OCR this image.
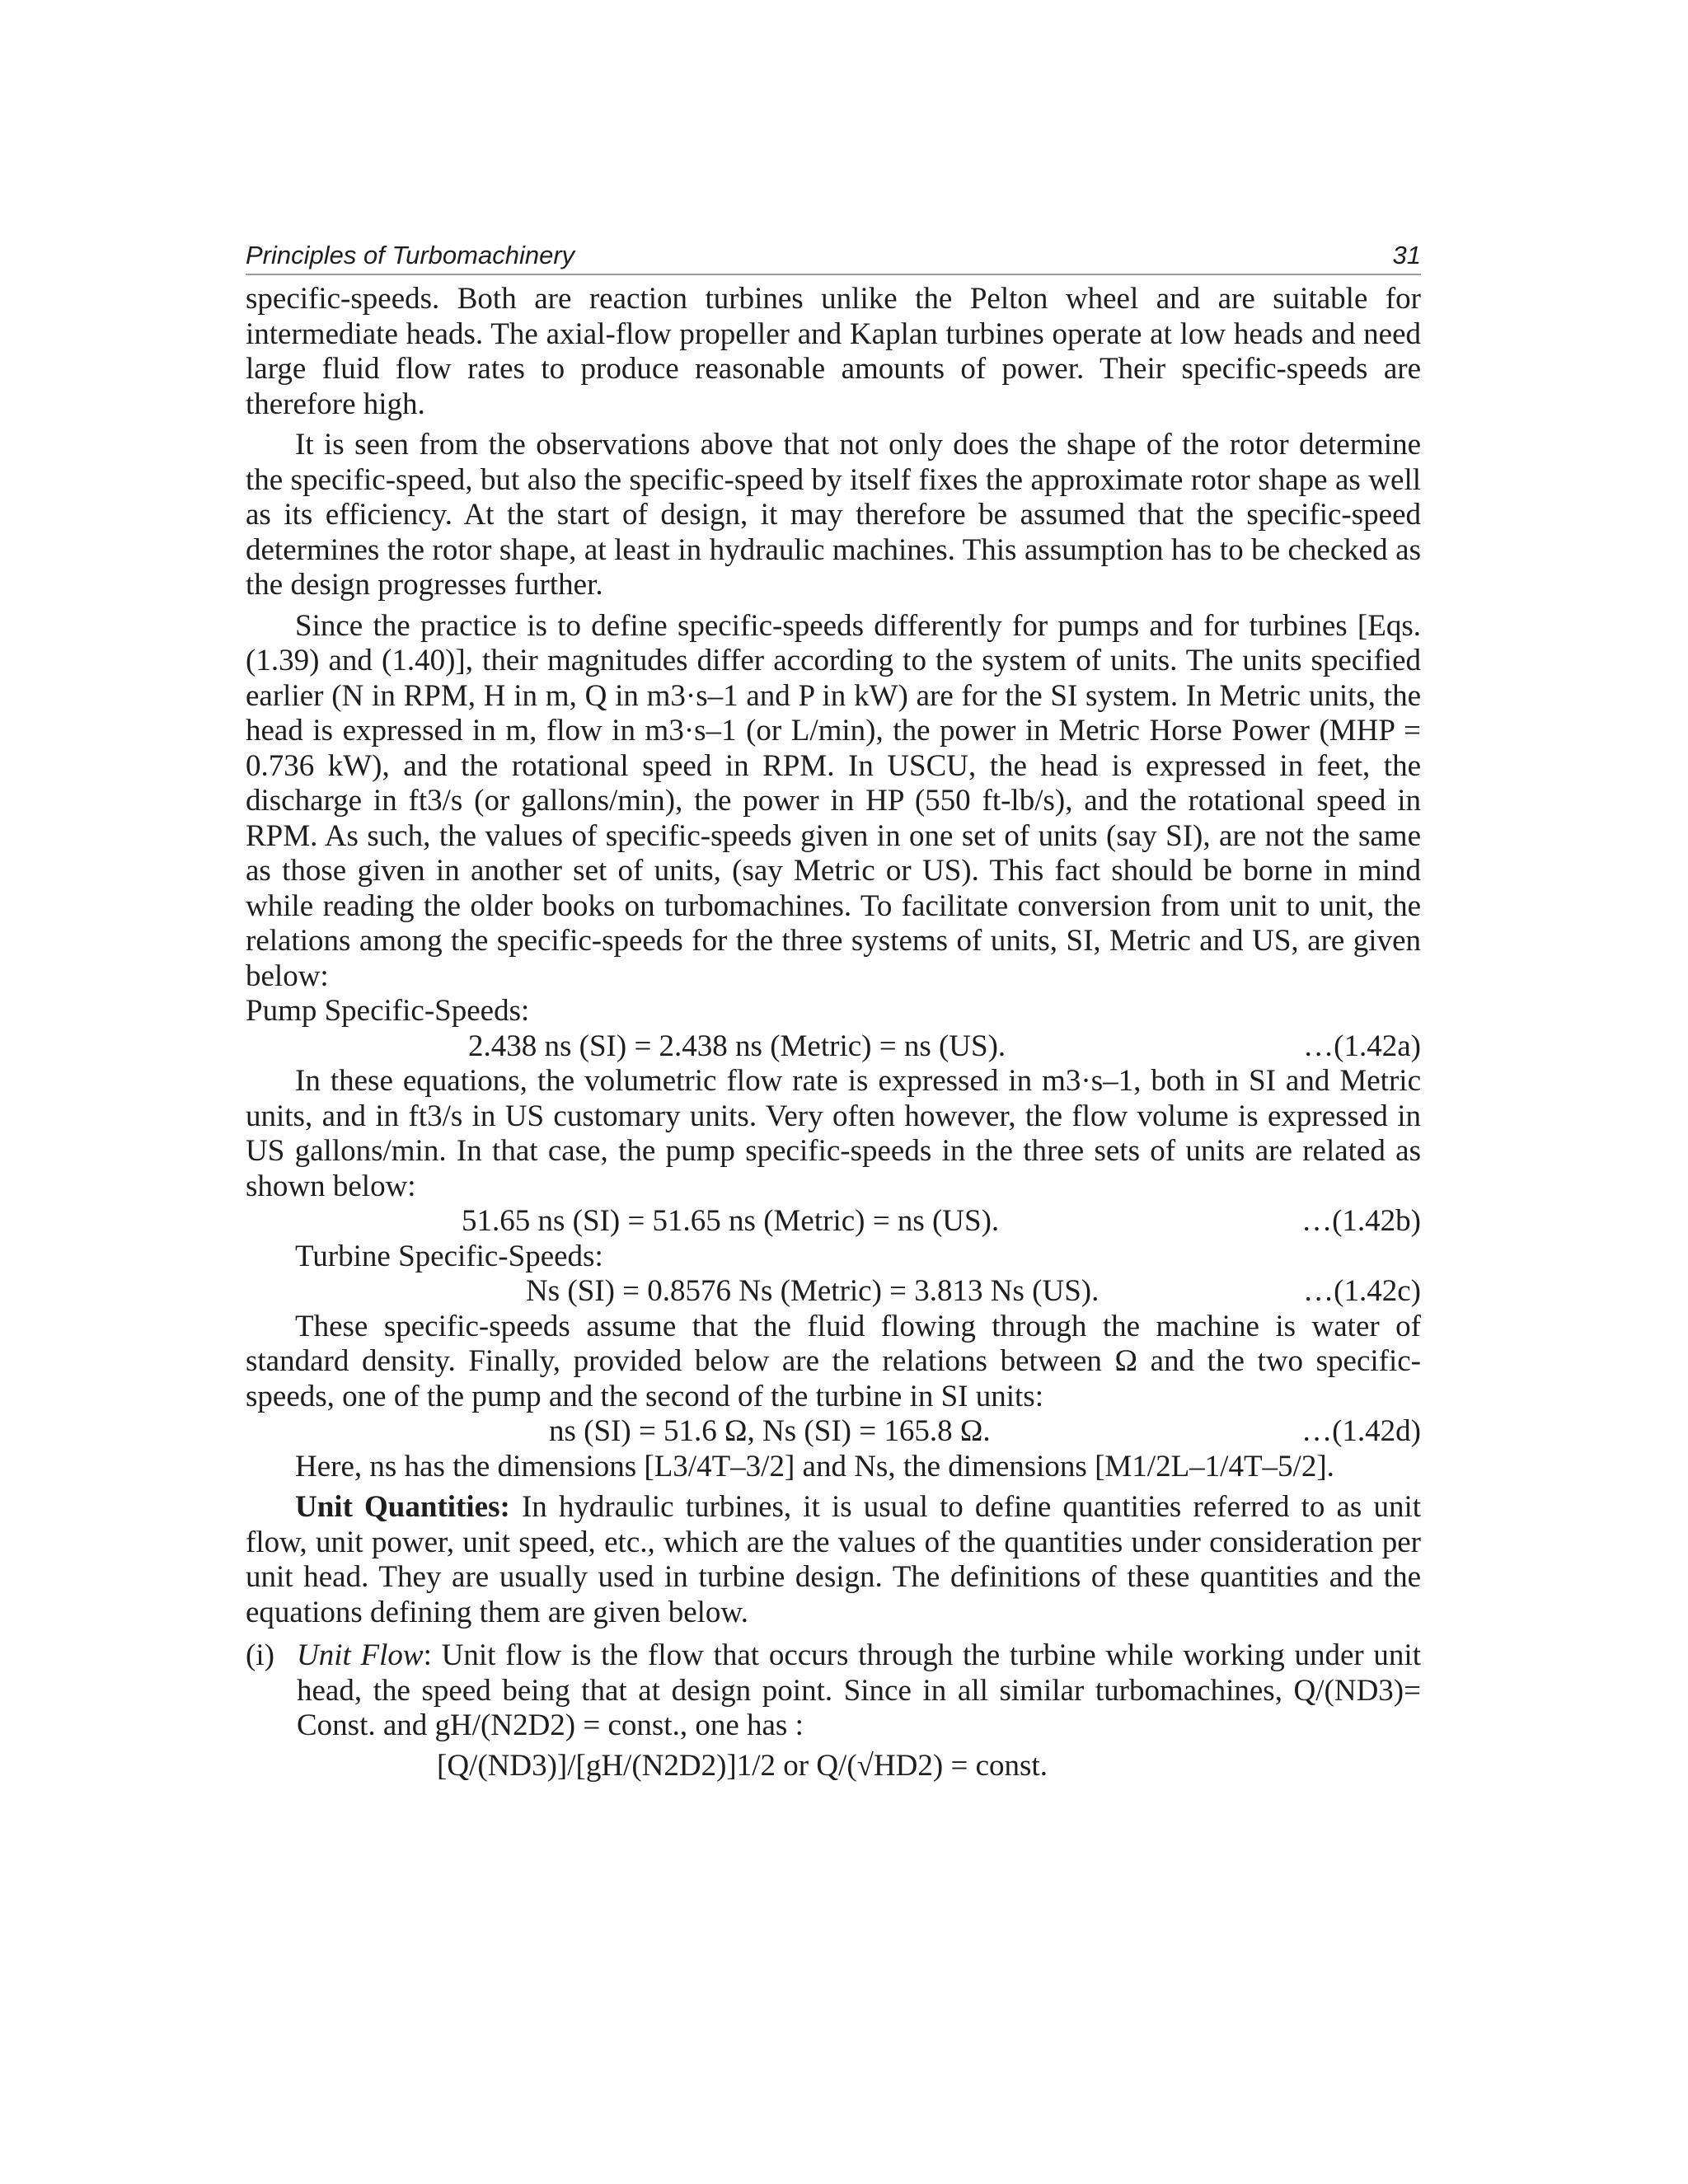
Principles of Turbomachinery	31

specific-speeds. Both are reaction turbines unlike the Pelton wheel and are suitable for intermediate heads. The axial-flow propeller and Kaplan turbines operate at low heads and need large fluid flow rates to produce reasonable amounts of power. Their specific-speeds are therefore high.

It is seen from the observations above that not only does the shape of the rotor determine the specific-speed, but also the specific-speed by itself fixes the approximate rotor shape as well as its efficiency. At the start of design, it may therefore be assumed that the specific-speed determines the rotor shape, at least in hydraulic machines. This assumption has to be checked as the design progresses further.

Since the practice is to define specific-speeds differently for pumps and for turbines [Eqs. (1.39) and (1.40)], their magnitudes differ according to the system of units. The units specified earlier (N in RPM, H in m, Q in m3·s–1 and P in kW) are for the SI system. In Metric units, the head is expressed in m, flow in m3·s–1 (or L/min), the power in Metric Horse Power (MHP = 0.736 kW), and the rotational speed in RPM. In USCU, the head is expressed in feet, the discharge in ft3/s (or gallons/min), the power in HP (550 ft-lb/s), and the rotational speed in RPM. As such, the values of specific-speeds given in one set of units (say SI), are not the same as those given in another set of units, (say Metric or US). This fact should be borne in mind while reading the older books on turbomachines. To facilitate conversion from unit to unit, the relations among the specific-speeds for the three systems of units, SI, Metric and US, are given below:

Pump Specific-Speeds:

2.438 ns (SI) = 2.438 ns (Metric) = ns (US).	…(1.42a)

In these equations, the volumetric flow rate is expressed in m3·s–1, both in SI and Metric units, and in ft3/s in US customary units. Very often however, the flow volume is expressed in US gallons/min. In that case, the pump specific-speeds in the three sets of units are related as shown below:

51.65 ns (SI) = 51.65 ns (Metric) = ns (US).	…(1.42b)

Turbine Specific-Speeds:

Ns (SI) = 0.8576 Ns (Metric) = 3.813 Ns (US).	…(1.42c)

These specific-speeds assume that the fluid flowing through the machine is water of standard density. Finally, provided below are the relations between Ω and the two specific-speeds, one of the pump and the second of the turbine in SI units:

ns (SI) = 51.6 Ω, Ns (SI) = 165.8 Ω.	…(1.42d)

Here, ns has the dimensions [L3/4T–3/2] and Ns, the dimensions [M1/2L–1/4T–5/2].

Unit Quantities: In hydraulic turbines, it is usual to define quantities referred to as unit flow, unit power, unit speed, etc., which are the values of the quantities under consideration per unit head. They are usually used in turbine design. The definitions of these quantities and the equations defining them are given below.

(i) Unit Flow: Unit flow is the flow that occurs through the turbine while working under unit head, the speed being that at design point. Since in all similar turbomachines, Q/(ND3)= Const. and gH/(N2D2) = const., one has :
[Q/(ND3)]/[gH/(N2D2)]1/2 or Q/(√HD2) = const.
